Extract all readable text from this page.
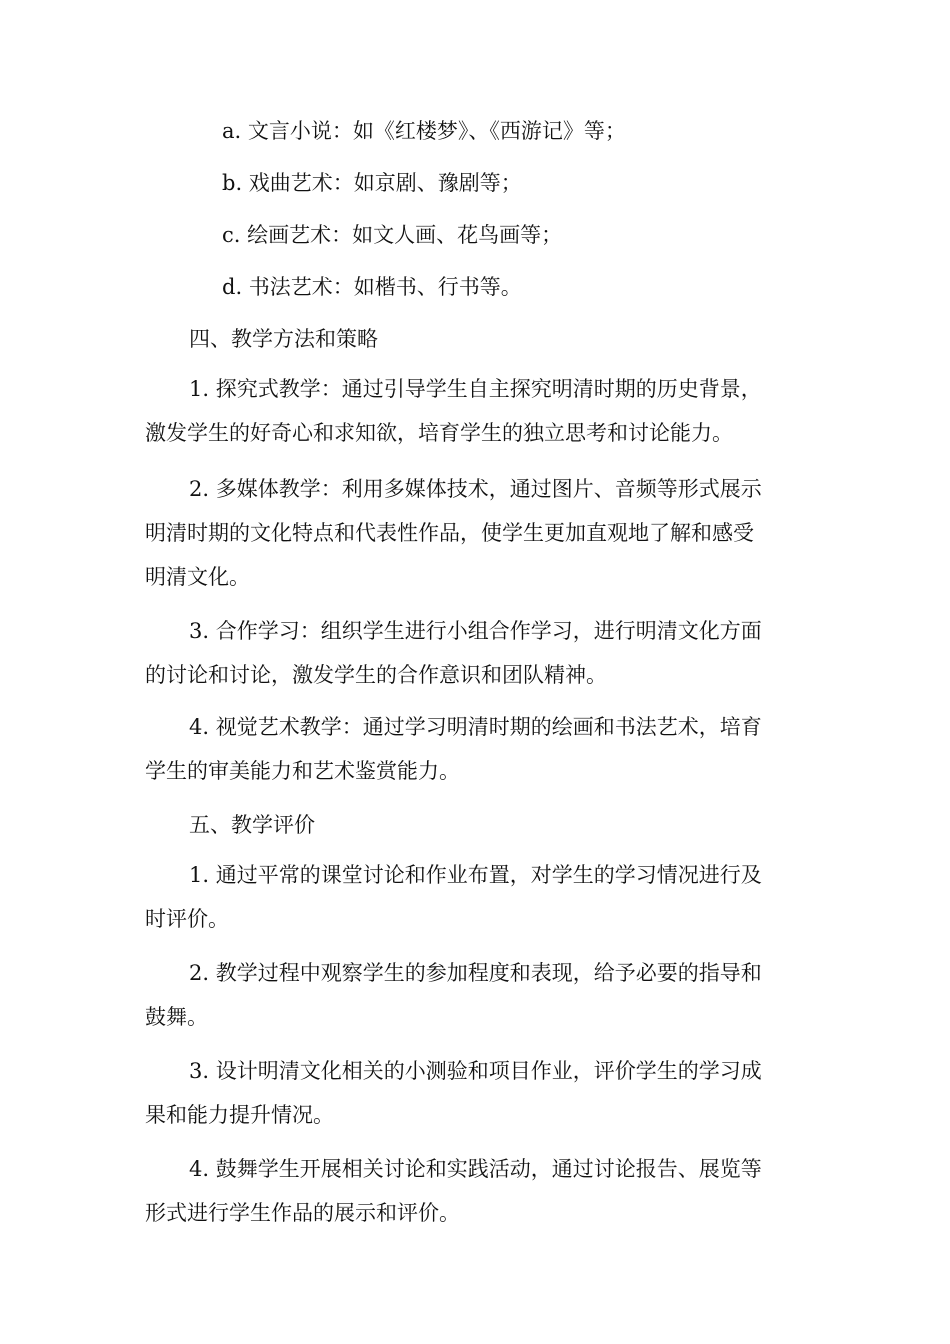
a. 文言小说：如《红楼梦》、《西游记》等；
b. 戏曲艺术：如京剧、豫剧等；
c. 绘画艺术：如文人画、花鸟画等；
d. 书法艺术：如楷书、行书等。
四、教学方法和策略
1. 探究式教学：通过引导学生自主探究明清时期的历史背景，
激发学生的好奇心和求知欲，培育学生的独立思考和讨论能力。
2. 多媒体教学：利用多媒体技术，通过图片、音频等形式展示
明清时期的文化特点和代表性作品，使学生更加直观地了解和感受
明清文化。
3. 合作学习：组织学生进行小组合作学习，进行明清文化方面
的讨论和讨论，激发学生的合作意识和团队精神。
4. 视觉艺术教学：通过学习明清时期的绘画和书法艺术，培育
学生的审美能力和艺术鉴赏能力。
五、教学评价
1. 通过平常的课堂讨论和作业布置，对学生的学习情况进行及
时评价。
2. 教学过程中观察学生的参加程度和表现，给予必要的指导和
鼓舞。
3. 设计明清文化相关的小测验和项目作业，评价学生的学习成
果和能力提升情况。
4. 鼓舞学生开展相关讨论和实践活动，通过讨论报告、展览等
形式进行学生作品的展示和评价。
